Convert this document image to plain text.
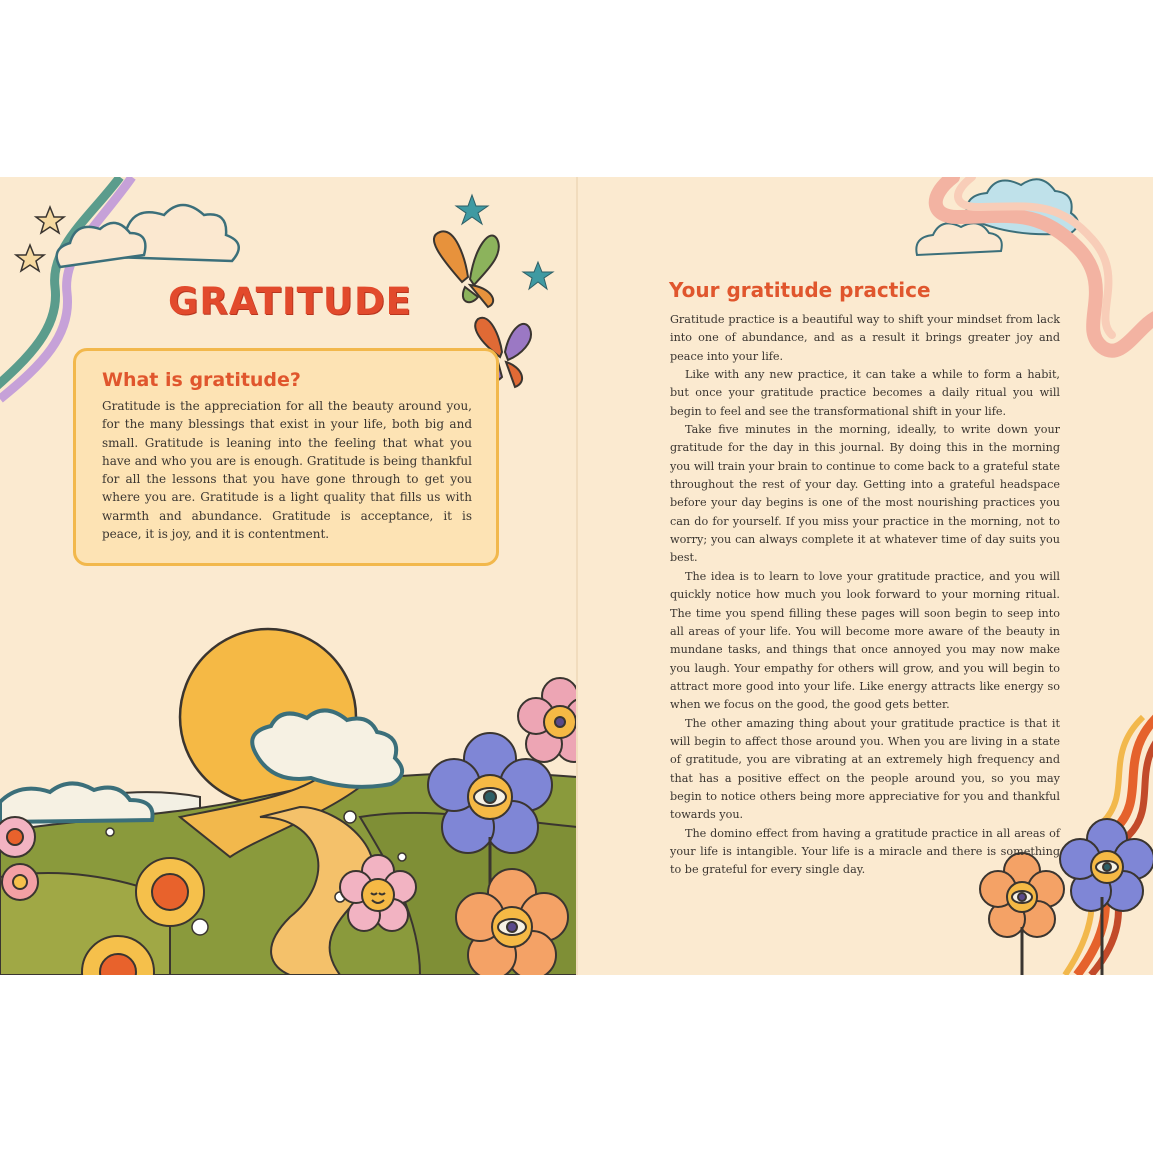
GRATITUDE
What is gratitude?

Gratitude is the appreciation for all the beauty around you, for the many blessings that exist in your life, both big and small. Gratitude is leaning into the feeling that what you have and who you are is enough. Gratitude is being thankful for all the lessons that you have gone through to get you where you are. Gratitude is a light quality that fills us with warmth and abundance. Gratitude is acceptance, it is peace, it is joy, and it is contentment.

Your gratitude practice

Gratitude practice is a beautiful way to shift your mindset from lack into one of abundance, and as a result it brings greater joy and peace into your life.

Like with any new practice, it can take a while to form a habit, but once your gratitude practice becomes a daily ritual you will begin to feel and see the transformational shift in your life.

Take five minutes in the morning, ideally, to write down your gratitude for the day in this journal. By doing this in the morning you will train your brain to continue to come back to a grateful state throughout the rest of your day. Getting into a grateful headspace before your day begins is one of the most nourishing practices you can do for yourself. If you miss your practice in the morning, not to worry; you can always complete it at whatever time of day suits you best.

The idea is to learn to love your gratitude practice, and you will quickly notice how much you look forward to your morning ritual. The time you spend filling these pages will soon begin to seep into all areas of your life. You will become more aware of the beauty in mundane tasks, and things that once annoyed you may now make you laugh. Your empathy for others will grow, and you will begin to attract more good into your life. Like energy attracts like energy so when we focus on the good, the good gets better.

The other amazing thing about your gratitude practice is that it will begin to affect those around you. When you are living in a state of gratitude, you are vibrating at an extremely high frequency and that has a positive effect on the people around you, so you may begin to notice others being more appreciative for you and thankful towards you.

The domino effect from having a gratitude practice in all areas of your life is intangible. Your life is a miracle and there is something to be grateful for every single day.
